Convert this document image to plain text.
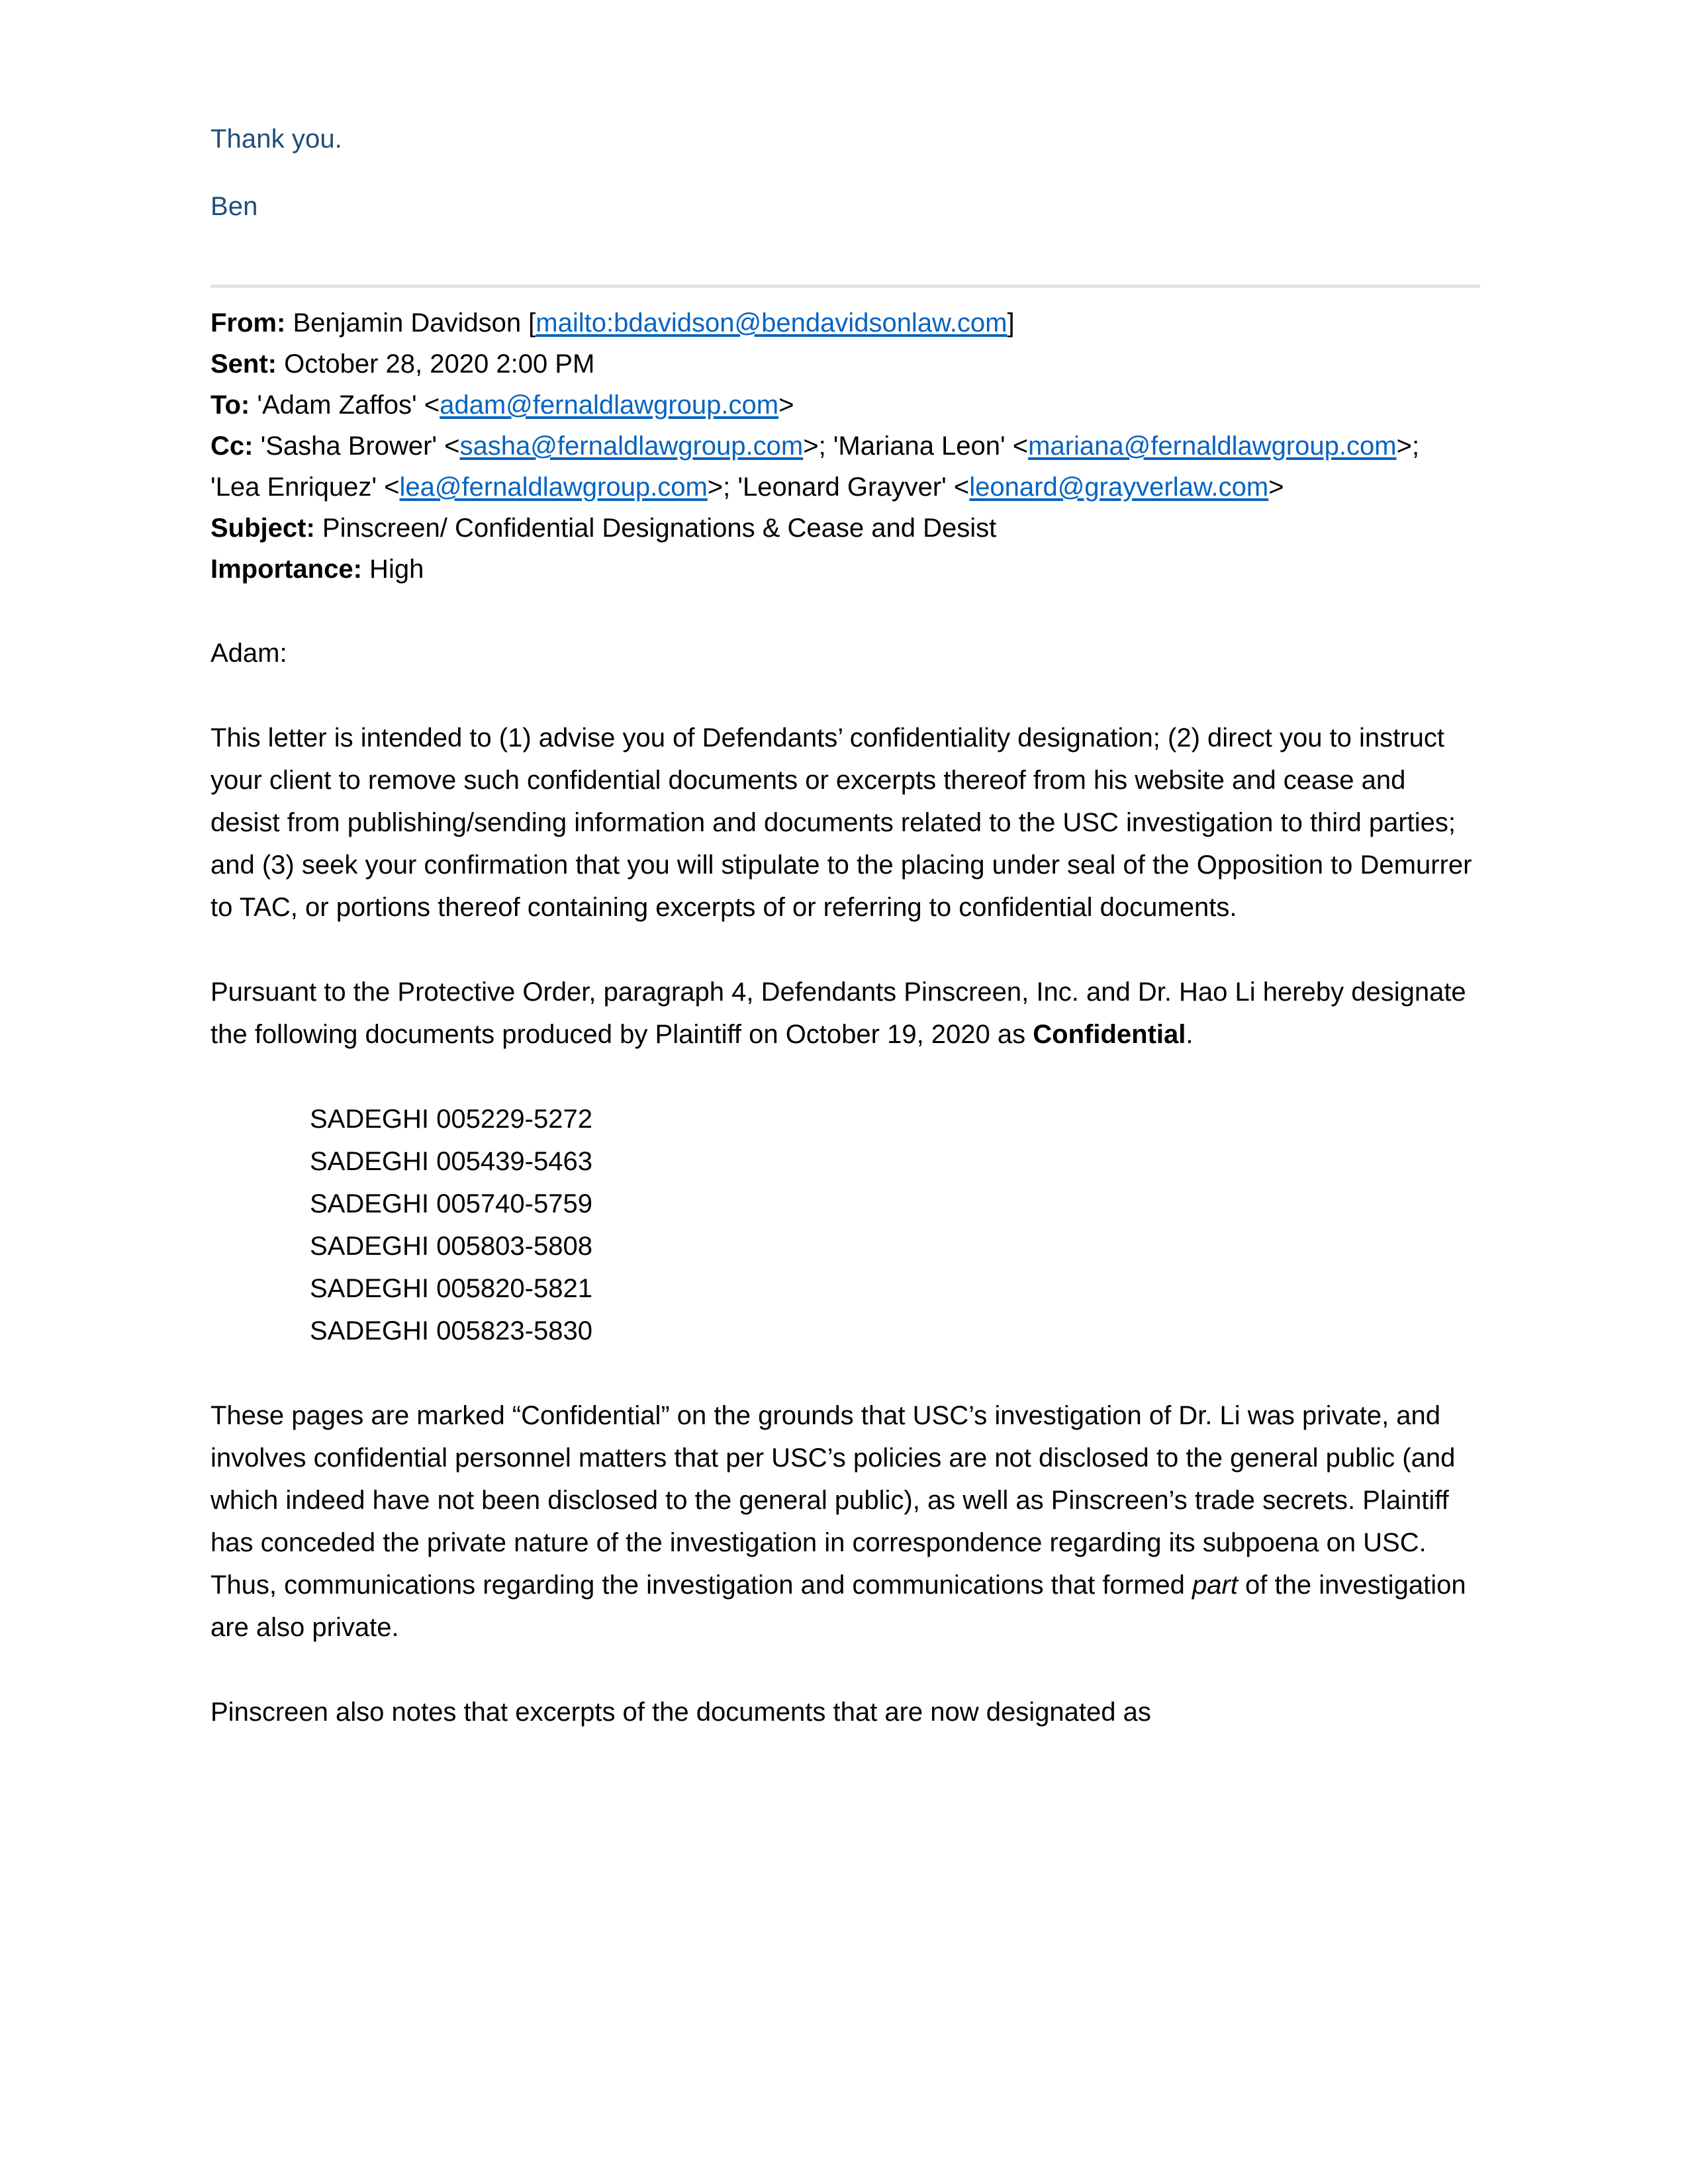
Thank you.

Ben

From: Benjamin Davidson [mailto:bdavidson@bendavidsonlaw.com]

Sent: October 28, 2020 2:00 PM

To: 'Adam Zaffos' <adam@fernaldlawgroup.com>

Cc: 'Sasha Brower' <sasha@fernaldlawgroup.com>; 'Mariana Leon' <mariana@fernaldlawgroup.com>; 'Lea Enriquez' <lea@fernaldlawgroup.com>; 'Leonard Grayver' <leonard@grayverlaw.com>

Subject: Pinscreen/ Confidential Designations & Cease and Desist

Importance: High

Adam:

This letter is intended to (1) advise you of Defendants’ confidentiality designation; (2) direct you to instruct your client to remove such confidential documents or excerpts thereof from his website and cease and desist from publishing/sending information and documents related to the USC investigation to third parties; and (3) seek your confirmation that you will stipulate to the placing under seal of the Opposition to Demurrer to TAC, or portions thereof containing excerpts of or referring to confidential documents.

Pursuant to the Protective Order, paragraph 4, Defendants Pinscreen, Inc. and Dr. Hao Li hereby designate the following documents produced by Plaintiff on October 19, 2020 as Confidential.

SADEGHI 005229-5272
SADEGHI 005439-5463
SADEGHI 005740-5759
SADEGHI 005803-5808
SADEGHI 005820-5821
SADEGHI 005823-5830

These pages are marked “Confidential” on the grounds that USC’s investigation of Dr. Li was private, and involves confidential personnel matters that per USC’s policies are not disclosed to the general public (and which indeed have not been disclosed to the general public), as well as Pinscreen’s trade secrets. Plaintiff has conceded the private nature of the investigation in correspondence regarding its subpoena on USC. Thus, communications regarding the investigation and communications that formed part of the investigation are also private.

Pinscreen also notes that excerpts of the documents that are now designated as
